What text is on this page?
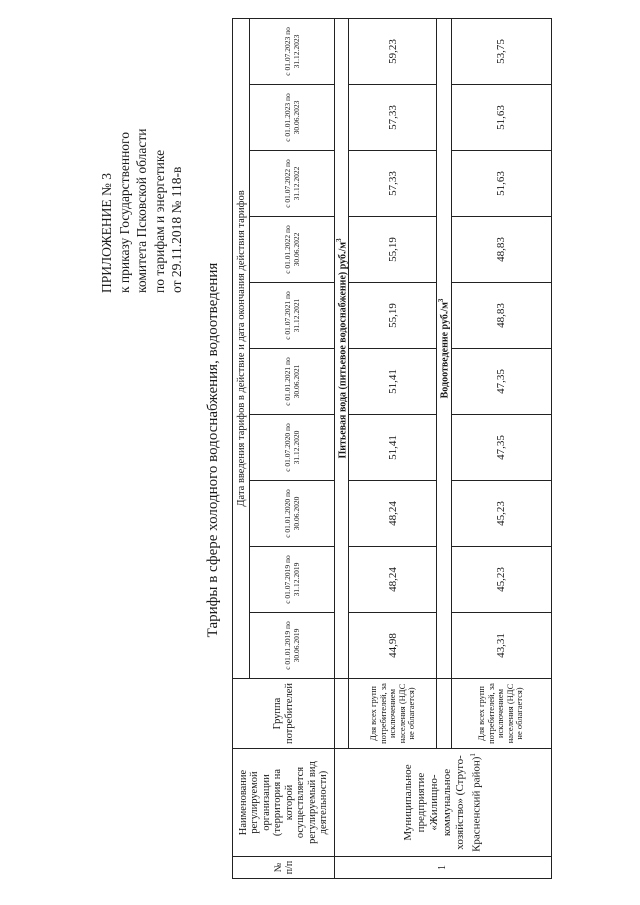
ПРИЛОЖЕНИЕ № 3 к приказу Государственного комитета Псковской области по тарифам и энергетике от 29.11.2018 № 118-в
Тарифы в сфере холодного водоснабжения, водоотведения
№ п/п	Наименование регулируемой организации (территория на которой осуществляется регулируемый вид деятельности)	Группа потребителей	Дата введения тарифов в действие и дата окончания действия тарифов									
			с 01.01.2019 по 30.06.2019	с 01.07.2019 по 31.12.2019	с 01.01.2020 по 30.06.2020	с 01.07.2020 по 31.12.2020	с 01.01.2021 по 30.06.2021	с 01.07.2021 по 31.12.2021	с 01.01.2022 по 30.06.2022	с 01.07.2022 по 31.12.2022	с 01.01.2023 по 30.06.2023	с 01.07.2023 по 31.12.2023
1	Муниципальное предприятие «Жилищно-коммунальное хозяйство» (Струго-Красненский район)$^1$		Питьевая вода (питьевое водоснабжение) $руб./м^3$
		Для всех групп потребителей, за исключением населения (НДС не облагается)	44,98	48,24	48,24	51,41	51,41	55,19	55,19	57,33	57,33	59,23
			Водоотведение $руб./м^3$
		Для всех групп потребителей, за исключением населения (НДС не облагается)	43,31	45,23	45,23	47,35	47,35	48,83	48,83	51,63	51,63	53,75
